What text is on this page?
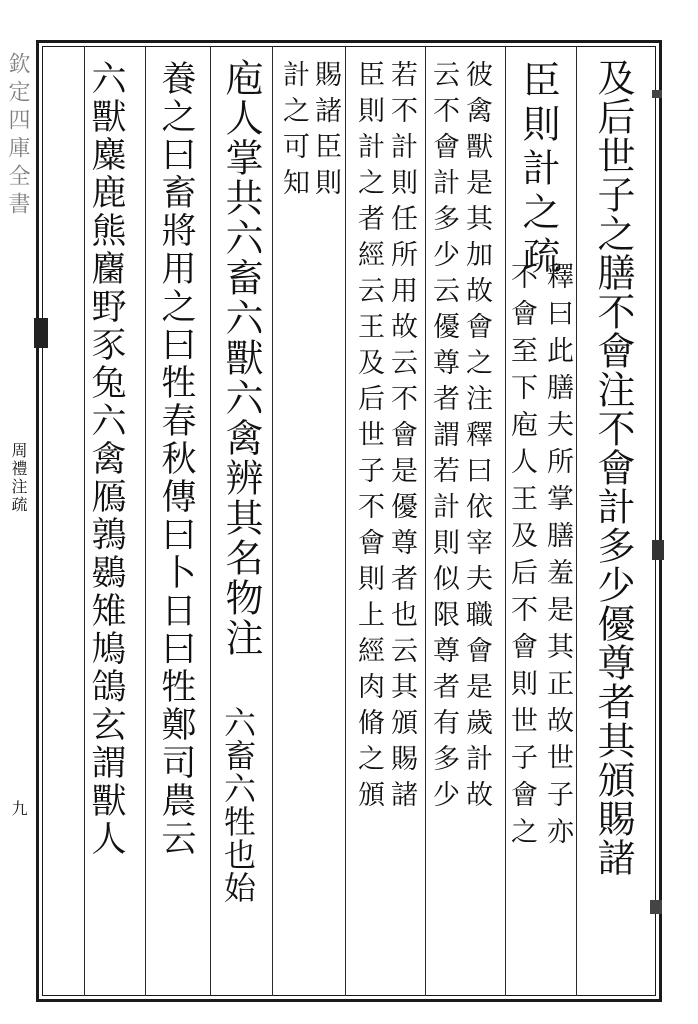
欽定四庫全書
周禮注疏
九	及后世子之膳不會注不會計多少優尊者其頒賜諸
臣則計之疏
釋曰此膳夫所掌膳羞是其正故世子亦
不會至下庖人王及后不會則世子會之
彼禽獸是其加故會之注釋曰依宰夫職會是歲計故
云不會計多少云優尊者謂若計則似限尊者有多少
若不計則任所用故云不會是優尊者也云其頒賜諸
臣則計之者經云王及后世子不會則上經肉脩之頒
賜諸臣則
計之可知
庖人掌共六畜六獸六禽辨其名物注
六畜六牲也始
養之曰畜將用之曰牲春秋傳曰卜日曰牲鄭司農云
六獸麋鹿熊麕野豕兔六禽鴈鶉鷃雉鳩鴿玄謂獸人
